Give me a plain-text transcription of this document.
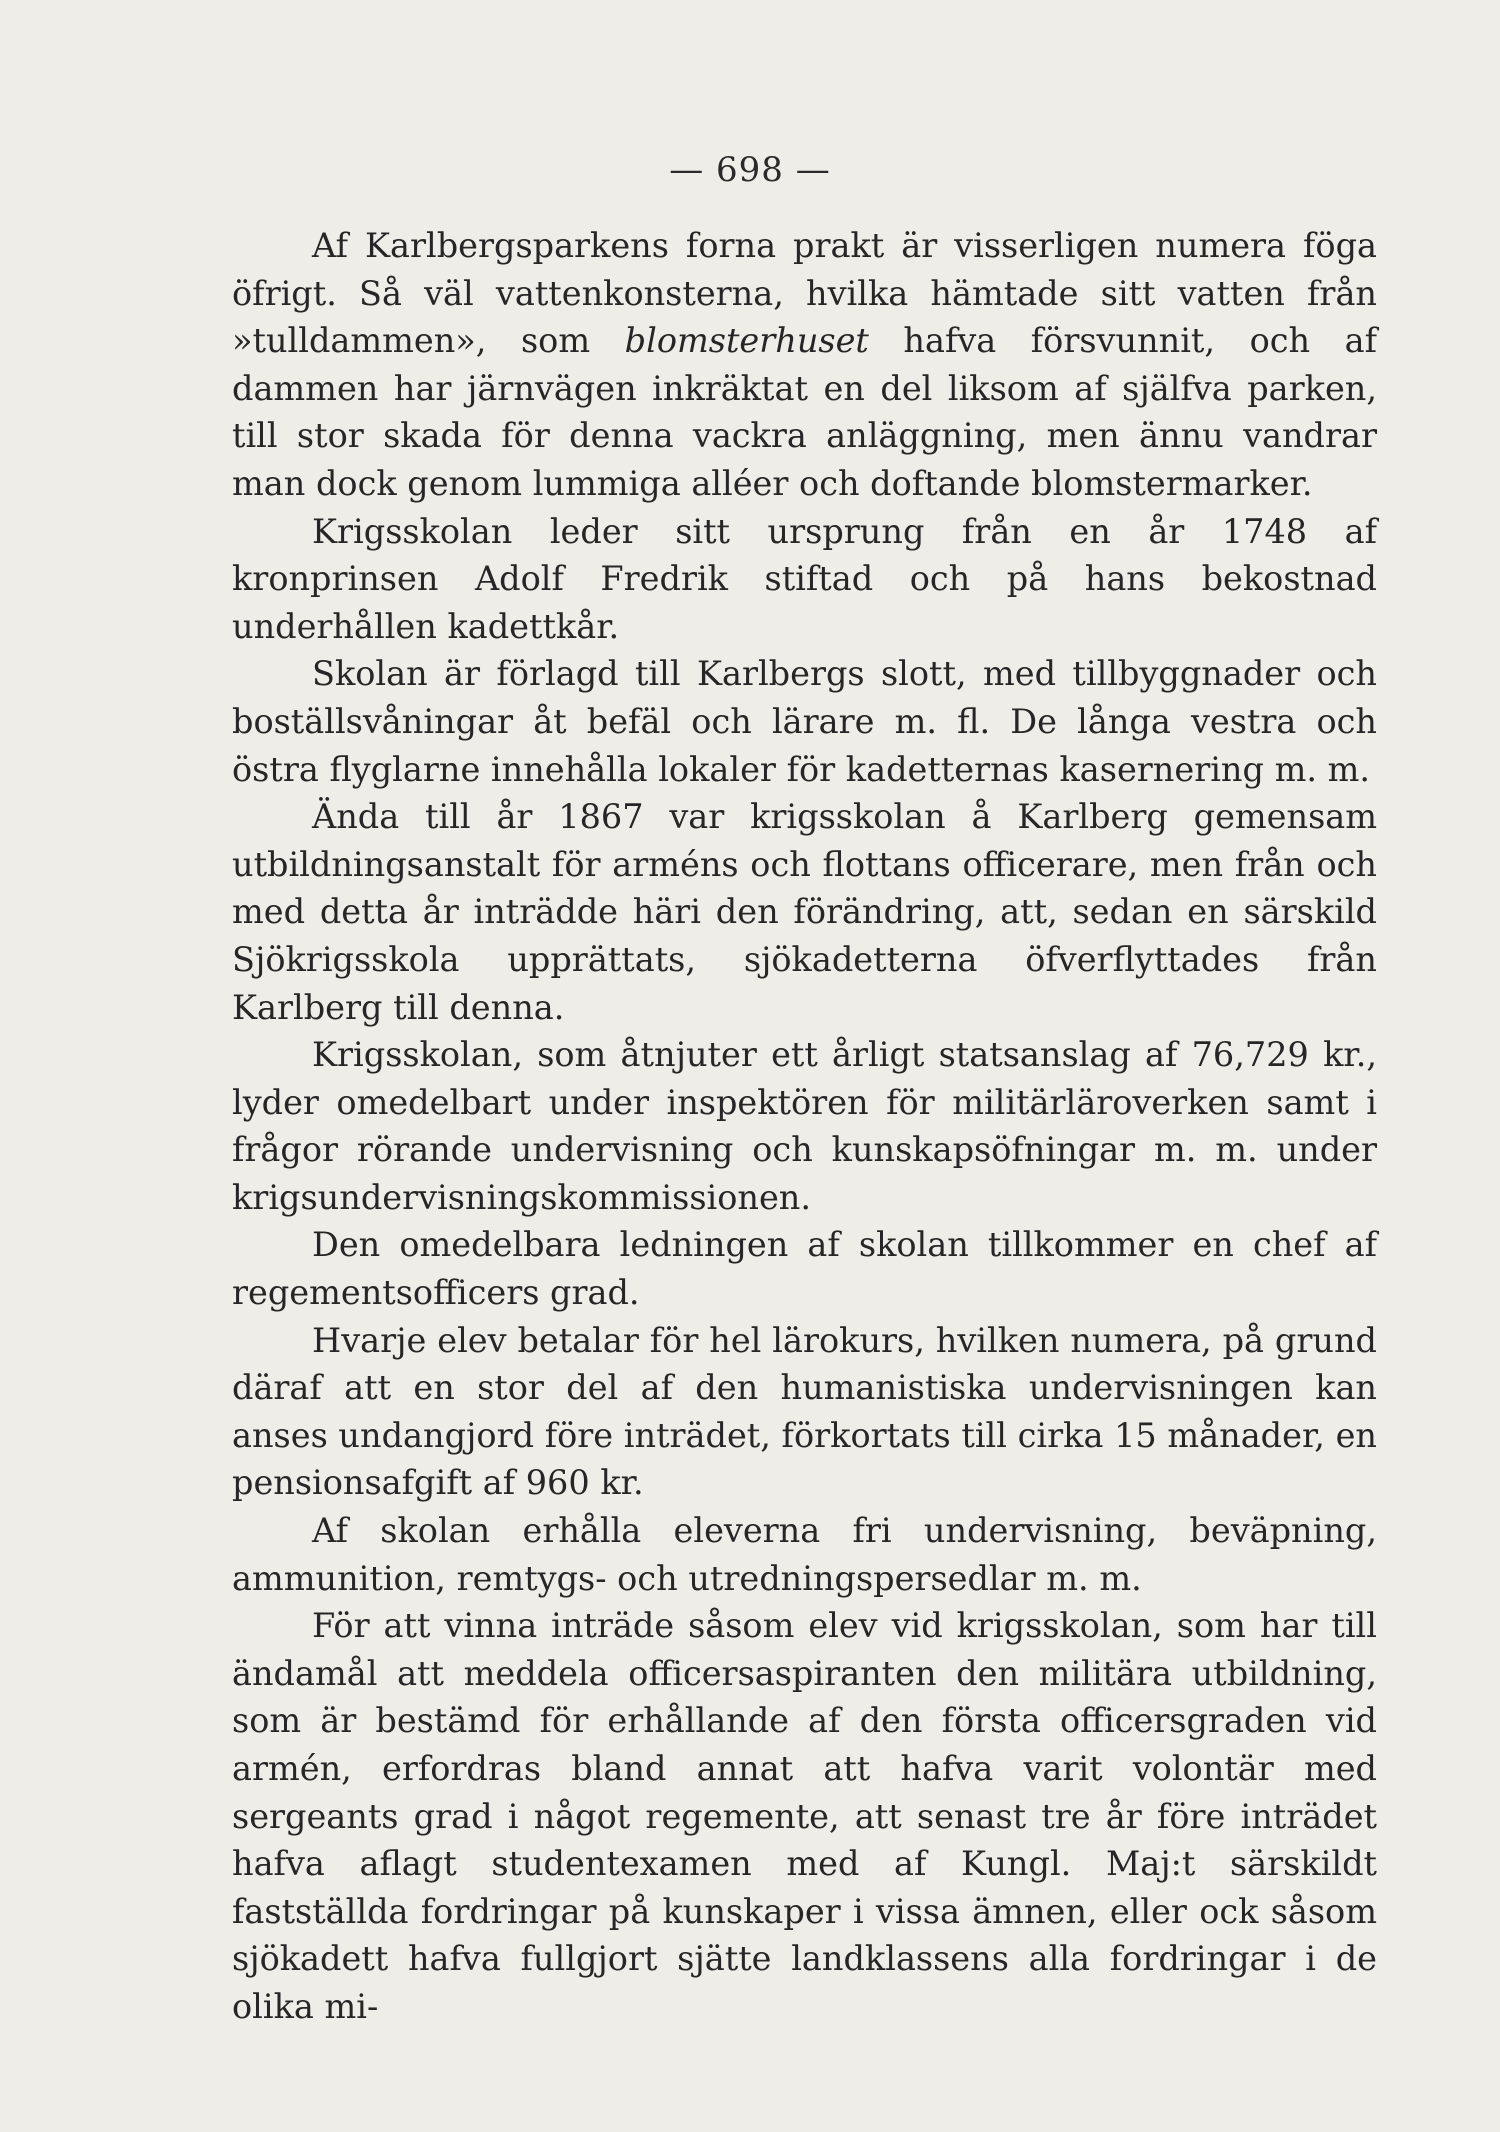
— 698 —

Af Karlbergsparkens forna prakt är visserligen numera föga öfrigt. Så väl vattenkonsterna, hvilka hämtade sitt vatten från »tulldammen», som blomsterhuset hafva försvunnit, och af dammen har järnvägen inkräktat en del liksom af själfva parken, till stor skada för denna vackra anläggning, men ännu vandrar man dock genom lummiga alléer och doftande blomstermarker.

Krigsskolan leder sitt ursprung från en år 1748 af kronprinsen Adolf Fredrik stiftad och på hans bekostnad underhållen kadettkår.

Skolan är förlagd till Karlbergs slott, med tillbyggnader och boställsvåningar åt befäl och lärare m. fl. De långa vestra och östra flyglarne innehålla lokaler för kadetternas kasernering m. m.

Ända till år 1867 var krigsskolan å Karlberg gemensam utbildningsanstalt för arméns och flottans officerare, men från och med detta år inträdde häri den förändring, att, sedan en särskild Sjökrigsskola upprättats, sjökadetterna öfverflyttades från Karlberg till denna.

Krigsskolan, som åtnjuter ett årligt statsanslag af 76,729 kr., lyder omedelbart under inspektören för militärläroverken samt i frågor rörande undervisning och kunskapsöfningar m. m. under krigsundervisningskommissionen.

Den omedelbara ledningen af skolan tillkommer en chef af regementsofficers grad.

Hvarje elev betalar för hel lärokurs, hvilken numera, på grund däraf att en stor del af den humanistiska undervisningen kan anses undangjord före inträdet, förkortats till cirka 15 månader, en pensionsafgift af 960 kr.

Af skolan erhålla eleverna fri undervisning, beväpning, ammunition, remtygs- och utredningspersedlar m. m.

För att vinna inträde såsom elev vid krigsskolan, som har till ändamål att meddela officersaspiranten den militära utbildning, som är bestämd för erhållande af den första officersgraden vid armén, erfordras bland annat att hafva varit volontär med sergeants grad i något regemente, att senast tre år före inträdet hafva aflagt studentexamen med af Kungl. Maj:t särskildt fastställda fordringar på kunskaper i vissa ämnen, eller ock såsom sjökadett hafva fullgjort sjätte landklassens alla fordringar i de olika mi-
